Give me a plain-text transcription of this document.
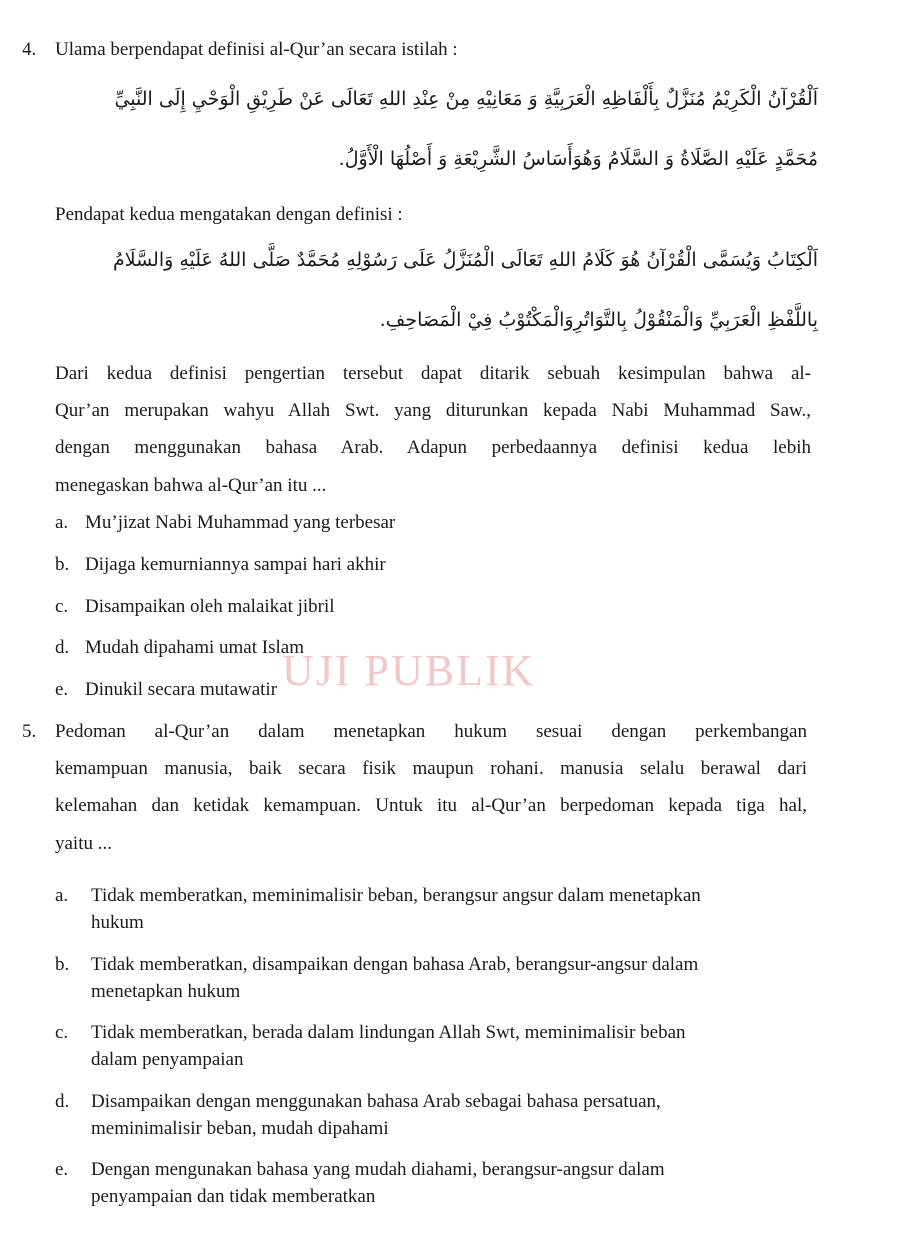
UJI PUBLIK
4. Ulama berpendapat definisi al-Qur’an secara istilah :
اَلْقُرْآنُ الْكَرِيْمُ مُنَزَّلٌ بِأَلْفَاظِهِ الْعَرَبِيَّةِ وَ مَعَانِيْهِ مِنْ عِنْدِ اللهِ تَعَالَى عَنْ طَرِيْقِ الْوَحْيِ إِلَى النَّبِيِّ
مُحَمَّدٍ عَلَيْهِ الصَّلَاةُ وَ السَّلَامُ وَهُوَأَسَاسُ الشَّرِيْعَةِ وَ أَصْلُهَا الْأَوَّلُ.
Pendapat kedua mengatakan dengan definisi :
اَلْكِتَابُ وَيُسَمَّى الْقُرْآنُ هُوَ كَلَامُ اللهِ تَعَالَى الْمُنَزَّلُ عَلَى رَسُوْلِهِ مُحَمَّدٌ صَلَّى اللهُ عَلَيْهِ وَالسَّلَامُ
بِاللَّفْظِ الْعَرَبِيِّ وَالْمَنْقُوْلُ بِالتَّوَاتُرِوَالْمَكْتُوْبُ فِيْ الْمَصَاحِفِ.
Dari kedua definisi pengertian tersebut dapat ditarik sebuah kesimpulan bahwa al-
Qur’an merupakan wahyu Allah Swt. yang diturunkan kepada Nabi Muhammad Saw.,
dengan menggunakan bahasa Arab. Adapun perbedaannya definisi kedua lebih
menegaskan bahwa al-Qur’an itu ...
a. Mu’jizat Nabi Muhammad yang terbesar
b. Dijaga kemurniannya sampai hari akhir
c. Disampaikan oleh malaikat jibril
d. Mudah dipahami umat Islam
e. Dinukil secara mutawatir
5. Pedoman al-Qur’an dalam menetapkan hukum sesuai dengan perkembangan
kemampuan manusia, baik secara fisik maupun rohani. manusia selalu berawal dari
kelemahan dan ketidak kemampuan. Untuk itu al-Qur’an berpedoman kepada tiga hal,
yaitu ...
a. Tidak memberatkan, meminimalisir beban, berangsur angsur dalam menetapkan
hukum
b. Tidak memberatkan, disampaikan dengan bahasa Arab, berangsur-angsur dalam
menetapkan hukum
c. Tidak memberatkan, berada dalam lindungan Allah Swt, meminimalisir beban
dalam penyampaian
d. Disampaikan dengan menggunakan bahasa Arab sebagai bahasa persatuan,
meminimalisir beban, mudah dipahami
e. Dengan mengunakan bahasa yang mudah diahami, berangsur-angsur dalam
penyampaian dan tidak memberatkan
